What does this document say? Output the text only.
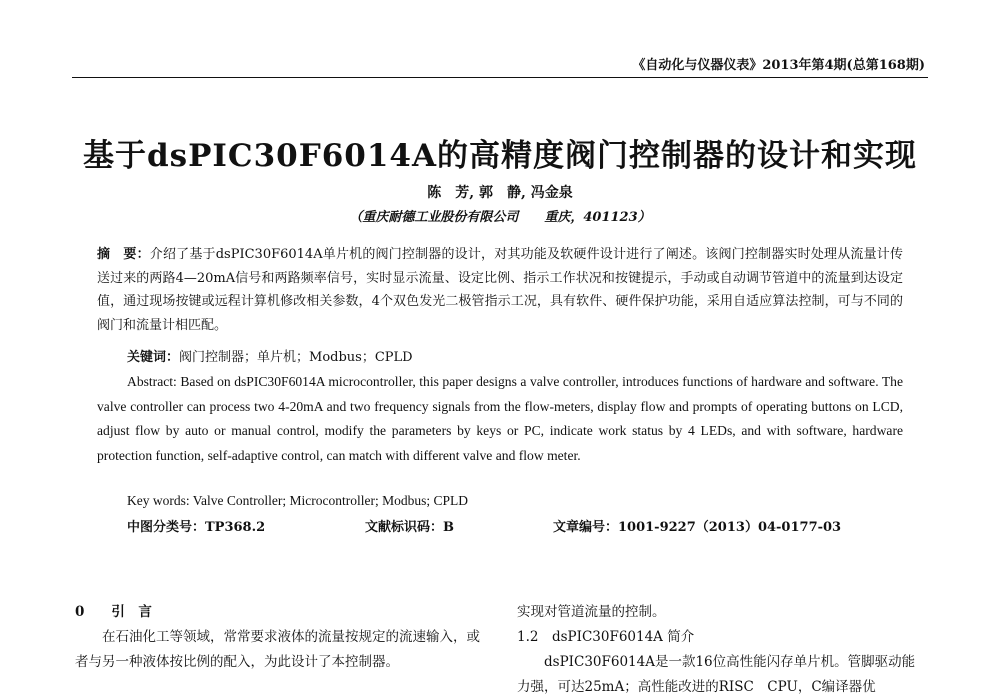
《自动化与仪器仪表》2013年第4期(总第168期)
基于dsPIC30F6014A的高精度阀门控制器的设计和实现
陈　芳, 郭　静, 冯金泉
（重庆耐德工业股份有限公司　　重庆，401123）
摘　要：介绍了基于dsPIC30F6014A单片机的阀门控制器的设计，对其功能及软硬件设计进行了阐述。该阀门控制器实时处理从流量计传送过来的两路4—20mA信号和两路频率信号，实时显示流量、设定比例、指示工作状况和按键提示，手动或自动调节管道中的流量到达设定值，通过现场按键或远程计算机修改相关参数，4个双色发光二极管指示工况，具有软件、硬件保护功能，采用自适应算法控制，可与不同的阀门和流量计相匹配。
关键词：阀门控制器；单片机；Modbus；CPLD
Abstract: Based on dsPIC30F6014A microcontroller, this paper designs a valve controller, introduces functions of hardware and software. The valve controller can process two 4-20mA and two frequency signals from the flow-meters, display flow and prompts of operating buttons on LCD, adjust flow by auto or manual control, modify the parameters by keys or PC, indicate work status by 4 LEDs, and with software, hardware protection function, self-adaptive control, can match with different valve and flow meter.
Key words: Valve Controller; Microcontroller; Modbus; CPLD
中图分类号：TP368.2	文献标识码：B	文章编号：1001-9227（2013）04-0177-03
0　　引　言
在石油化工等领域，常常要求液体的流量按规定的流速输入，或者与另一种液体按比例的配入，为此设计了本控制器。
实现对管道流量的控制。
1.2　dsPIC30F6014A 简介
dsPIC30F6014A是一款16位高性能闪存单片机。管脚驱动能力强，可达25mA；高性能改进的RISC　CPU，C编译器优
